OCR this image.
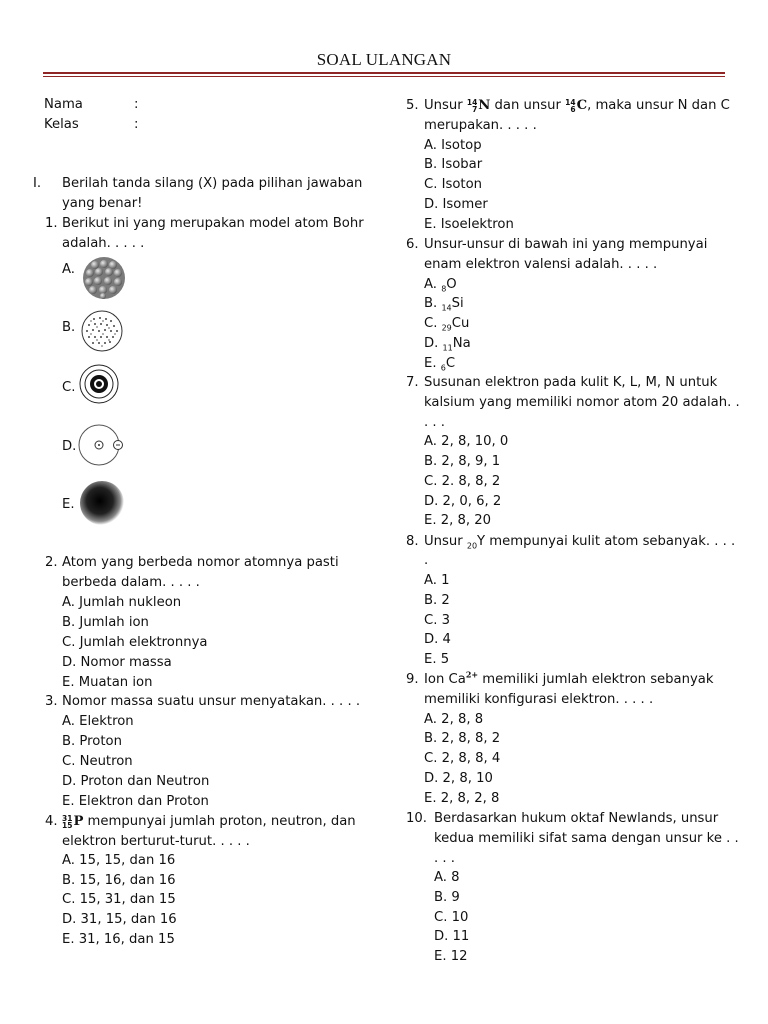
SOAL ULANGAN
Nama	:
Kelas	:
I. Berilah tanda silang (X) pada pilihan jawaban
yang benar!
1. Berikut ini yang merupakan model atom Bohr
adalah. . . . .
A.
B.
C.
D.
E.
2. Atom yang berbeda nomor atomnya pasti
berbeda dalam. . . . .
A. Jumlah nukleon
B. Jumlah ion
C. Jumlah elektronnya
D. Nomor massa
E. Muatan ion
3. Nomor massa suatu unsur menyatakan. . . . .
A. Elektron
B. Proton
C. Neutron
D. Proton dan Neutron
E. Elektron dan Proton
4. 31
15P mempunyai jumlah proton, neutron, dan
elektron berturut-turut. . . . .
A. 15, 15, dan 16
B. 15, 16, dan 16
C. 15, 31, dan 15
D. 31, 15, dan 16
E. 31, 16, dan 15
5. Unsur 14
7N dan unsur 14
6C, maka unsur N dan C
merupakan. . . . .
A. Isotop
B. Isobar
C. Isoton
D. Isomer
E. Isoelektron
6. Unsur-unsur di bawah ini yang mempunyai
enam elektron valensi adalah. . . . .
A. $_8$O
B. $_{14}$Si
C. $_{29}$Cu
D. $_{11}$Na
E. $_6$C
7. Susunan elektron pada kulit K, L, M, N untuk
kalsium yang memiliki nomor atom 20 adalah. .
. . .
A. 2, 8, 10, 0
B. 2, 8, 9, 1
C. 2. 8, 8, 2
D. 2, 0, 6, 2
E. 2, 8, 20
8. Unsur $_{20}$Y mempunyai kulit atom sebanyak. . . .
.
A. 1
B. 2
C. 3
D. 4
E. 5
9. Ion $Ca^{2+}$ memiliki jumlah elektron sebanyak
memiliki konfigurasi elektron. . . . .
A. 2, 8, 8
B. 2, 8, 8, 2
C. 2, 8, 8, 4
D. 2, 8, 10
E. 2, 8, 2, 8
10. Berdasarkan hukum oktaf Newlands, unsur
kedua memiliki sifat sama dengan unsur ke . .
. . .
A. 8
B. 9
C. 10
D. 11
E. 12
